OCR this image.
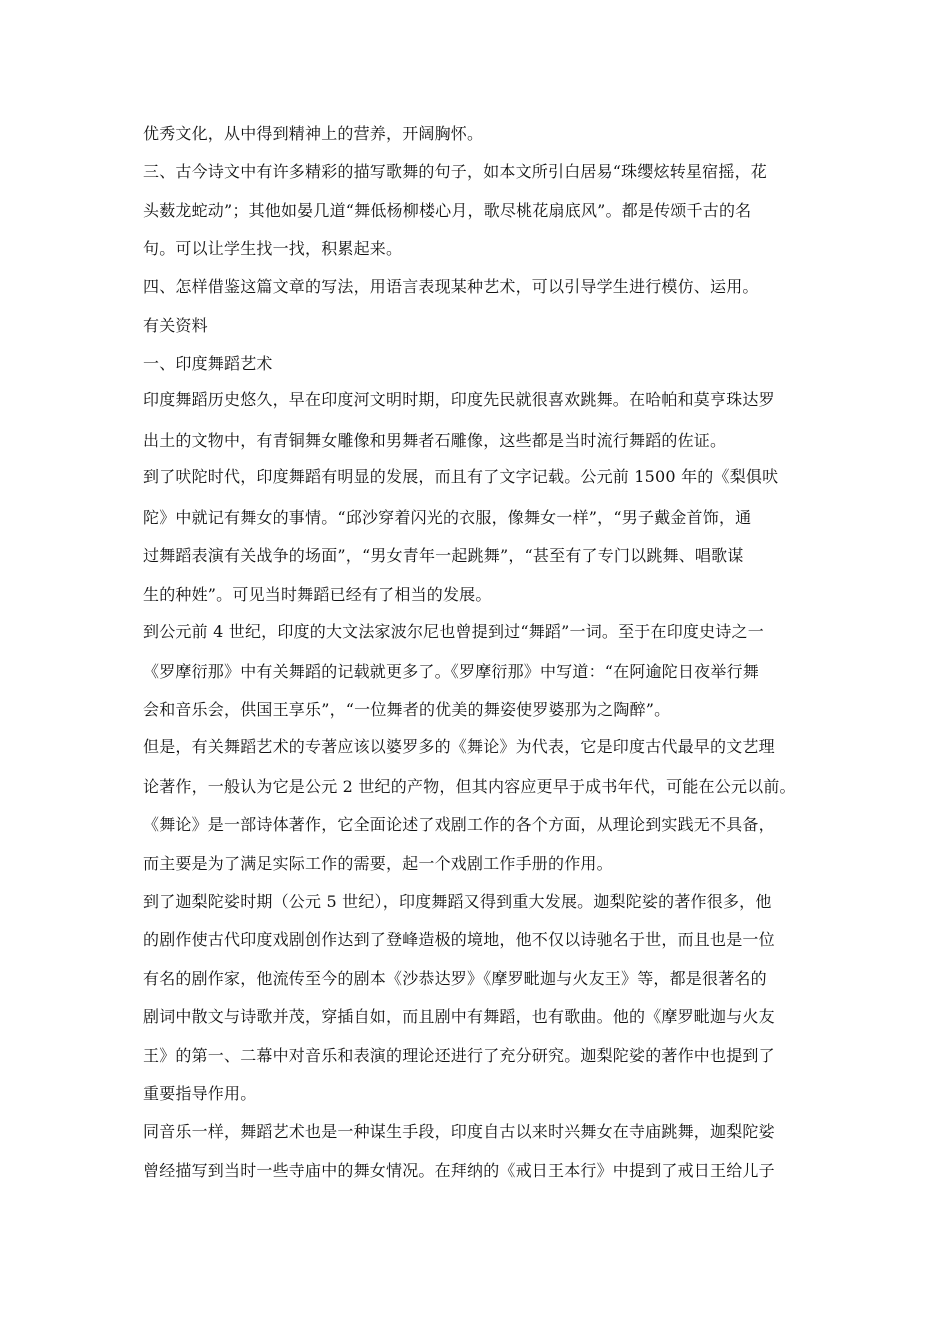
优秀文化，从中得到精神上的营养，开阔胸怀。
三、古今诗文中有许多精彩的描写歌舞的句子，如本文所引白居易“珠缨炫转星宿摇，花
头薮龙蛇动”；其他如晏几道“舞低杨柳楼心月，歌尽桃花扇底风”。都是传颂千古的名
句。可以让学生找一找，积累起来。
四、怎样借鉴这篇文章的写法，用语言表现某种艺术，可以引导学生进行模仿、运用。
有关资料
一、印度舞蹈艺术
印度舞蹈历史悠久，早在印度河文明时期，印度先民就很喜欢跳舞。在哈帕和莫亨珠达罗
出土的文物中，有青铜舞女雕像和男舞者石雕像，这些都是当时流行舞蹈的佐证。
到了吠陀时代，印度舞蹈有明显的发展，而且有了文字记载。公元前 1500 年的《梨俱吠
陀》中就记有舞女的事情。“邱沙穿着闪光的衣服，像舞女一样”，“男子戴金首饰，通
过舞蹈表演有关战争的场面”，“男女青年一起跳舞”，“甚至有了专门以跳舞、唱歌谋
生的种姓”。可见当时舞蹈已经有了相当的发展。
到公元前 4 世纪，印度的大文法家波尔尼也曾提到过“舞蹈”一词。至于在印度史诗之一
《罗摩衍那》中有关舞蹈的记载就更多了。《罗摩衍那》中写道：“在阿逾陀日夜举行舞
会和音乐会，供国王享乐”，“一位舞者的优美的舞姿使罗婆那为之陶醉”。
但是，有关舞蹈艺术的专著应该以婆罗多的《舞论》为代表，它是印度古代最早的文艺理
论著作，一般认为它是公元 2 世纪的产物，但其内容应更早于成书年代，可能在公元以前。
《舞论》是一部诗体著作，它全面论述了戏剧工作的各个方面，从理论到实践无不具备，
而主要是为了满足实际工作的需要，起一个戏剧工作手册的作用。
到了迦梨陀娑时期（公元 5 世纪），印度舞蹈又得到重大发展。迦梨陀娑的著作很多，他
的剧作使古代印度戏剧创作达到了登峰造极的境地，他不仅以诗驰名于世，而且也是一位
有名的剧作家，他流传至今的剧本《沙恭达罗》《摩罗毗迦与火友王》等，都是很著名的
剧词中散文与诗歌并茂，穿插自如，而且剧中有舞蹈，也有歌曲。他的《摩罗毗迦与火友
王》的第一、二幕中对音乐和表演的理论还进行了充分研究。迦梨陀娑的著作中也提到了
重要指导作用。
同音乐一样，舞蹈艺术也是一种谋生手段，印度自古以来时兴舞女在寺庙跳舞，迦梨陀娑
曾经描写到当时一些寺庙中的舞女情况。在拜纳的《戒日王本行》中提到了戒日王给儿子
